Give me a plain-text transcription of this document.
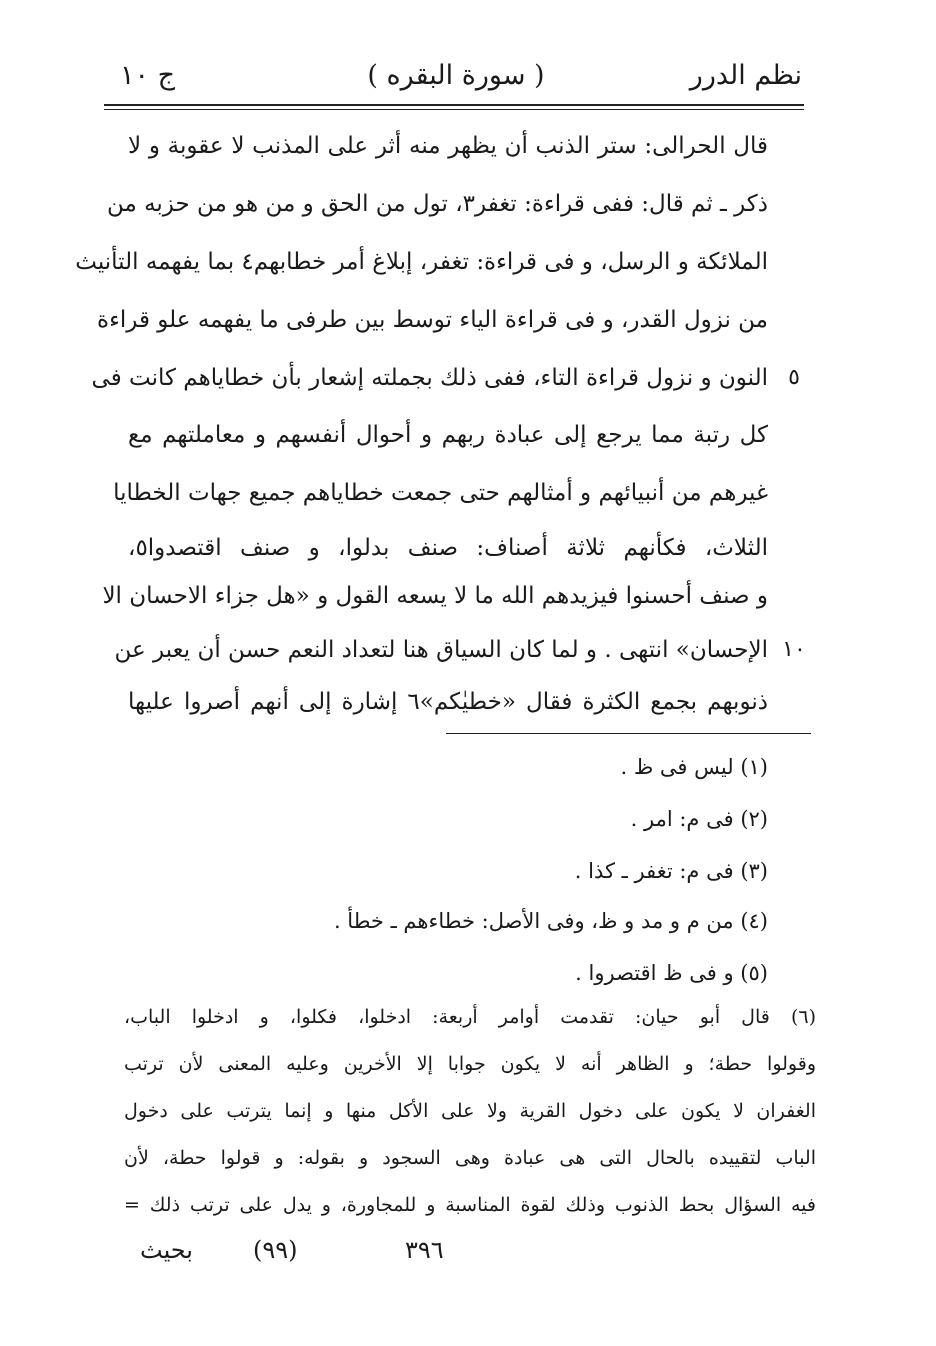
نظم الدرر
( سورة البقره )
ج ١٠
قال الحرالى: ستر الذنب أن يظهر منه أثر على المذنب لا عقوبة و لا
ذكر ـ ثم قال: ففى قراءة: تغفر٣، تول من الحق و من هو من حزبه من
الملائكة و الرسل، و فى قراءة: تغفر، إبلاغ أمر خطابهم٤ بما يفهمه التأنيث
من نزول القدر، و فى قراءة الياء توسط بين طرفى ما يفهمه علو قراءة
النون و نزول قراءة التاء، ففى ذلك بجملته إشعار بأن خطاياهم كانت فى
كل رتبة مما يرجع إلى عبادة ربهم و أحوال أنفسهم و معاملتهم مع
غيرهم من أنبيائهم و أمثالهم حتى جمعت خطاياهم جميع جهات الخطايا
الثلاث، فكأنهم ثلاثة أصناف: صنف بدلوا، و صنف اقتصدوا٥،
و صنف أحسنوا فيزيدهم الله ما لا يسعه القول و «هل جزاء الاحسان الا
الإحسان» انتهى . و لما كان السياق هنا لتعداد النعم حسن أن يعبر عن
ذنوبهم بجمع الكثرة فقال «خطيٰكم»٦ إشارة إلى أنهم أصروا عليها
٥
١٠
(١) ليس فى ظ .
(٢) فى م: امر .
(٣) فى م: تغفر ـ كذا .
(٤) من م و مد و ظ، وفى الأصل: خطاءهم ـ خطأ .
(٥) و فى ظ اقتصروا .
(٦) قال أبو حيان: تقدمت أوامر أربعة: ادخلوا، فكلوا، و ادخلوا الباب،
وقولوا حطة؛ و الظاهر أنه لا يكون جوابا إلا الأخرين وعليه المعنى لأن ترتب
الغفران لا يكون على دخول القرية ولا على الأكل منها و إنما يترتب على دخول
الباب لتقييده بالحال التى هى عبادة وهى السجود و بقوله: و قولوا حطة، لأن
فيه السؤال بحط الذنوب وذلك لقوة المناسبة و للمجاورة، و يدل على ترتب ذلك =
٣٩٦
(٩٩)
بحيث
